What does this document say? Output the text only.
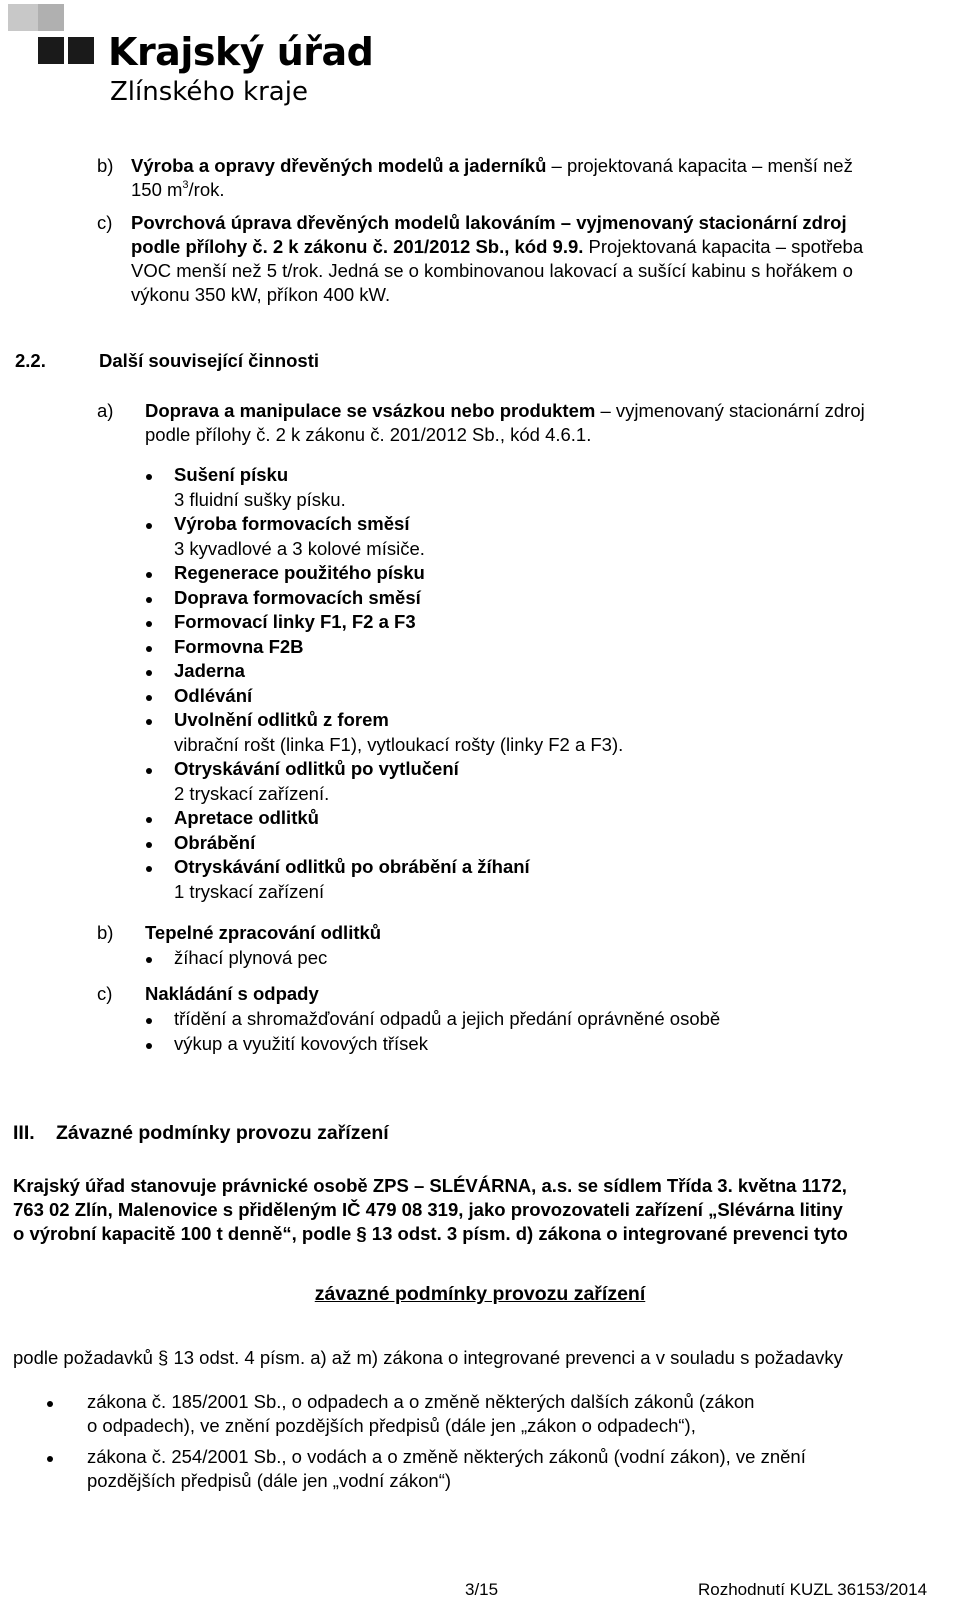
Krajský úřad
Zlínského kraje
b) Výroba a opravy dřevěných modelů a jaderníků – projektovaná kapacita – menší než
150 $m^3$/rok.
c) Povrchová úprava dřevěných modelů lakováním – vyjmenovaný stacionární zdroj
podle přílohy č. 2 k zákonu č. 201/2012 Sb., kód 9.9. Projektovaná kapacita – spotřeba
VOC menší než 5 t/rok. Jedná se o kombinovanou lakovací a sušící kabinu s hořákem o
výkonu 350 kW, příkon 400 kW.
2.2.	Další související činnosti
a) Doprava a manipulace se vsázkou nebo produktem – vyjmenovaný stacionární zdroj
podle přílohy č. 2 k zákonu č. 201/2012 Sb., kód 4.6.1.
Sušení písku
3 fluidní sušky písku.
Výroba formovacích směsí
3 kyvadlové a 3 kolové mísiče.
Regenerace použitého písku
Doprava formovacích směsí
Formovací linky F1, F2 a F3
Formovna F2B
Jaderna
Odlévání
Uvolnění odlitků z forem
vibrační rošt (linka F1), vytloukací rošty (linky F2 a F3).
Otryskávání odlitků po vytlučení
2 tryskací zařízení.
Apretace odlitků
Obrábění
Otryskávání odlitků po obrábění a žíhaní
1 tryskací zařízení
b) Tepelné zpracování odlitků
žíhací plynová pec
c) Nakládání s odpady
třídění a shromažďování odpadů a jejich předání oprávněné osobě
výkup a využití kovových třísek
III. Závazné podmínky provozu zařízení
Krajský úřad stanovuje právnické osobě ZPS – SLÉVÁRNA, a.s. se sídlem Třída 3. května 1172,
763 02 Zlín, Malenovice s přiděleným IČ 479 08 319, jako provozovateli zařízení „Slévárna litiny
o výrobní kapacitě 100 t denně“, podle § 13 odst. 3 písm. d) zákona o integrované prevenci tyto
závazné podmínky provozu zařízení
podle požadavků § 13 odst. 4 písm. a) až m) zákona o integrované prevenci a v souladu s požadavky
zákona č. 185/2001 Sb., o odpadech a o změně některých dalších zákonů (zákon
o odpadech), ve znění pozdějších předpisů (dále jen „zákon o odpadech“),
zákona č. 254/2001 Sb., o vodách a o změně některých zákonů (vodní zákon), ve znění
pozdějších předpisů (dále jen „vodní zákon“)
3/15	Rozhodnutí KUZL 36153/2014
